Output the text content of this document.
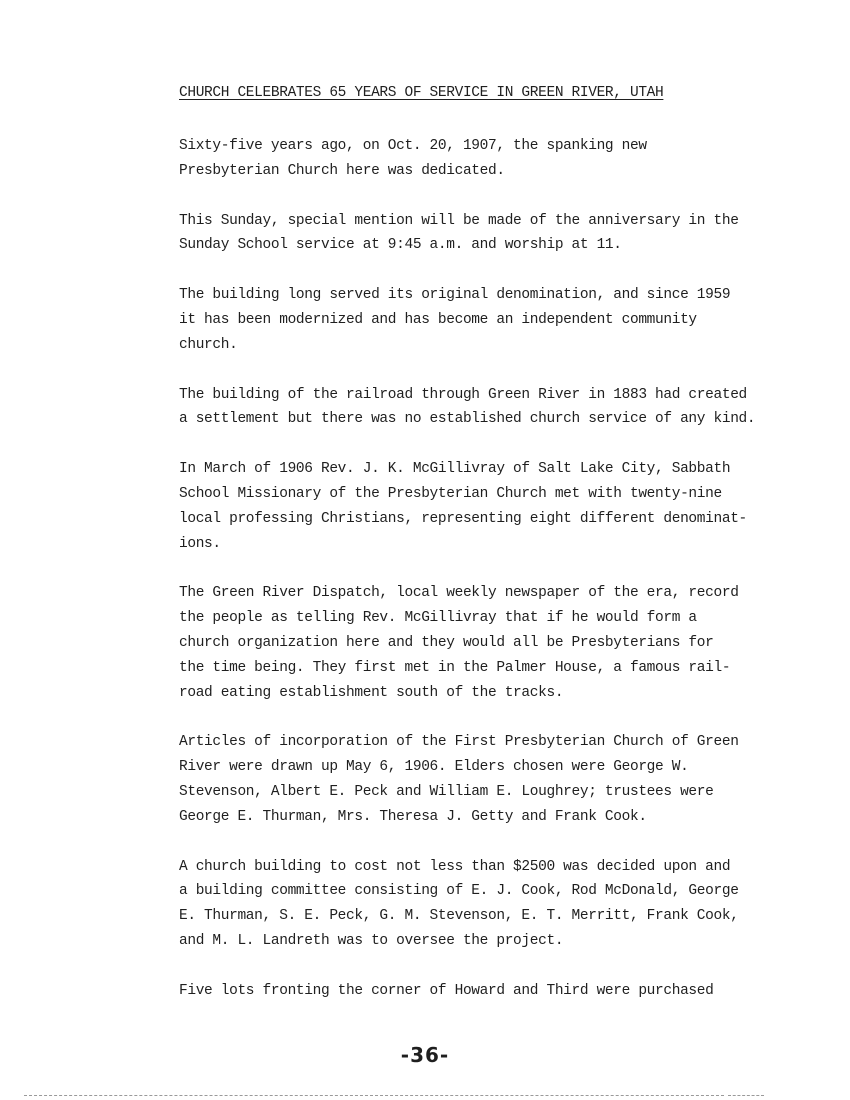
CHURCH CELEBRATES 65 YEARS OF SERVICE IN GREEN RIVER, UTAH

Sixty-five years ago, on Oct. 20, 1907, the spanking new
Presbyterian Church here was dedicated.

This Sunday, special mention will be made of the anniversary in the
Sunday School service at 9:45 a.m. and worship at 11.

The building long served its original denomination, and since 1959
it has been modernized and has become an independent community
church.

The building of the railroad through Green River in 1883 had created
a settlement but there was no established church service of any kind.

In March of 1906 Rev. J. K. McGillivray of Salt Lake City, Sabbath
School Missionary of the Presbyterian Church met with twenty-nine
local professing Christians, representing eight different denominat-
ions.

The Green River Dispatch, local weekly newspaper of the era, record
the people as telling Rev. McGillivray that if he would form a
church organization here and they would all be Presbyterians for
the time being. They first met in the Palmer House, a famous rail-
road eating establishment south of the tracks.

Articles of incorporation of the First Presbyterian Church of Green
River were drawn up May 6, 1906. Elders chosen were George W.
Stevenson, Albert E. Peck and William E. Loughrey; trustees were
George E. Thurman, Mrs. Theresa J. Getty and Frank Cook.

A church building to cost not less than $2500 was decided upon and
a building committee consisting of E. J. Cook, Rod McDonald, George
E. Thurman, S. E. Peck, G. M. Stevenson, E. T. Merritt, Frank Cook,
and M. L. Landreth was to oversee the project.

Five lots fronting the corner of Howard and Third were purchased

-36-
